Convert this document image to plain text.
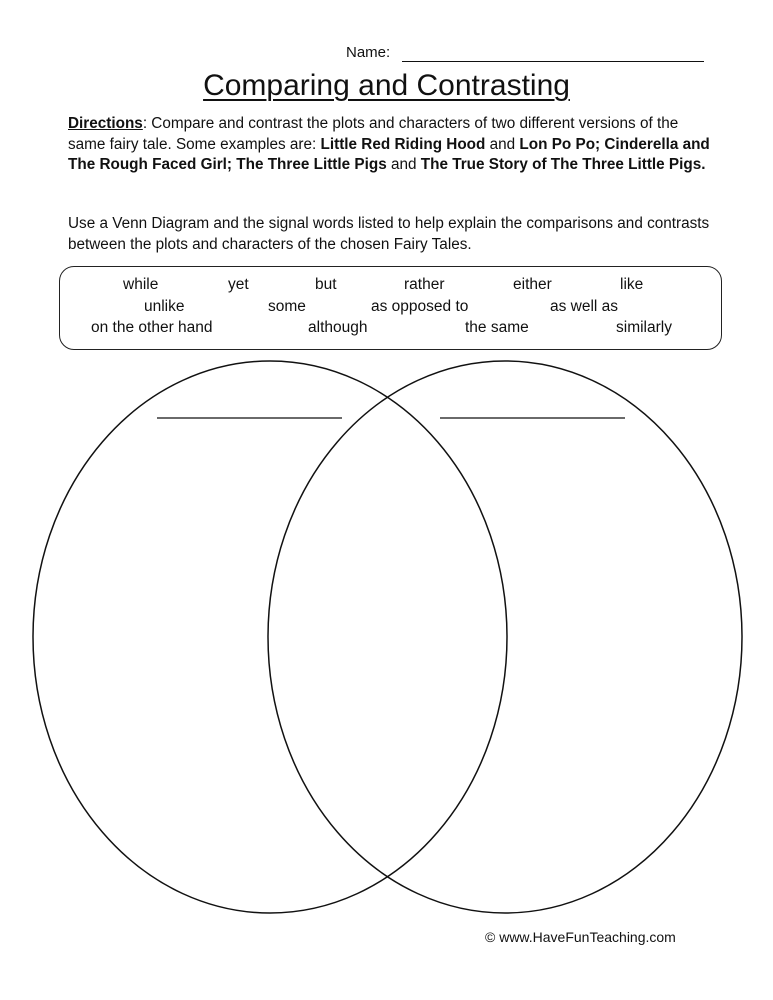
Name:
Comparing and Contrasting
Directions: Compare and contrast the plots and characters of two different versions of the same fairy tale. Some examples are: Little Red Riding Hood and Lon Po Po; Cinderella and The Rough Faced Girl; The Three Little Pigs and The True Story of The Three Little Pigs.
Use a Venn Diagram and the signal words listed to help explain the comparisons and contrasts between the plots and characters of the chosen Fairy Tales.
while	yet	but	rather	either	like
unlike	some	as opposed to	as well as
on the other hand	although	the same	similarly
© www.HaveFunTeaching.com
